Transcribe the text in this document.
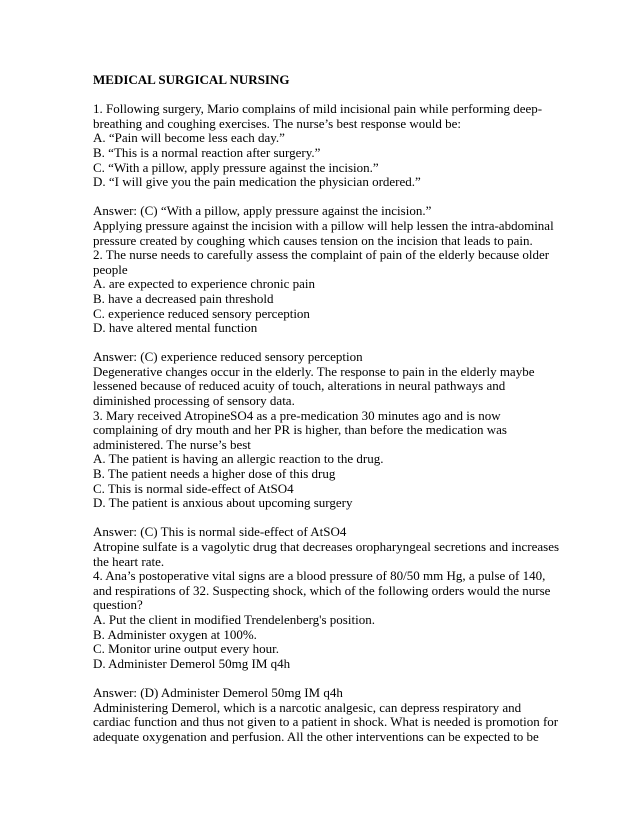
MEDICAL SURGICAL NURSING
1. Following surgery, Mario complains of mild incisional pain while performing deep-
breathing and coughing exercises. The nurse’s best response would be:
A. “Pain will become less each day.”
B. “This is a normal reaction after surgery.”
C. “With a pillow, apply pressure against the incision.”
D. “I will give you the pain medication the physician ordered.”
Answer: (C) “With a pillow, apply pressure against the incision.”
Applying pressure against the incision with a pillow will help lessen the intra-abdominal
pressure created by coughing which causes tension on the incision that leads to pain.
2. The nurse needs to carefully assess the complaint of pain of the elderly because older
people
A. are expected to experience chronic pain
B. have a decreased pain threshold
C. experience reduced sensory perception
D. have altered mental function
Answer: (C) experience reduced sensory perception
Degenerative changes occur in the elderly. The response to pain in the elderly maybe
lessened because of reduced acuity of touch, alterations in neural pathways and
diminished processing of sensory data.
3. Mary received AtropineSO4 as a pre-medication 30 minutes ago and is now
complaining of dry mouth and her PR is higher, than before the medication was
administered. The nurse’s best
A. The patient is having an allergic reaction to the drug.
B. The patient needs a higher dose of this drug
C. This is normal side-effect of AtSO4
D. The patient is anxious about upcoming surgery
Answer: (C) This is normal side-effect of AtSO4
Atropine sulfate is a vagolytic drug that decreases oropharyngeal secretions and increases
the heart rate.
4. Ana’s postoperative vital signs are a blood pressure of 80/50 mm Hg, a pulse of 140,
and respirations of 32. Suspecting shock, which of the following orders would the nurse
question?
A. Put the client in modified Trendelenberg's position.
B. Administer oxygen at 100%.
C. Monitor urine output every hour.
D. Administer Demerol 50mg IM q4h
Answer: (D) Administer Demerol 50mg IM q4h
Administering Demerol, which is a narcotic analgesic, can depress respiratory and
cardiac function and thus not given to a patient in shock. What is needed is promotion for
adequate oxygenation and perfusion. All the other interventions can be expected to be
